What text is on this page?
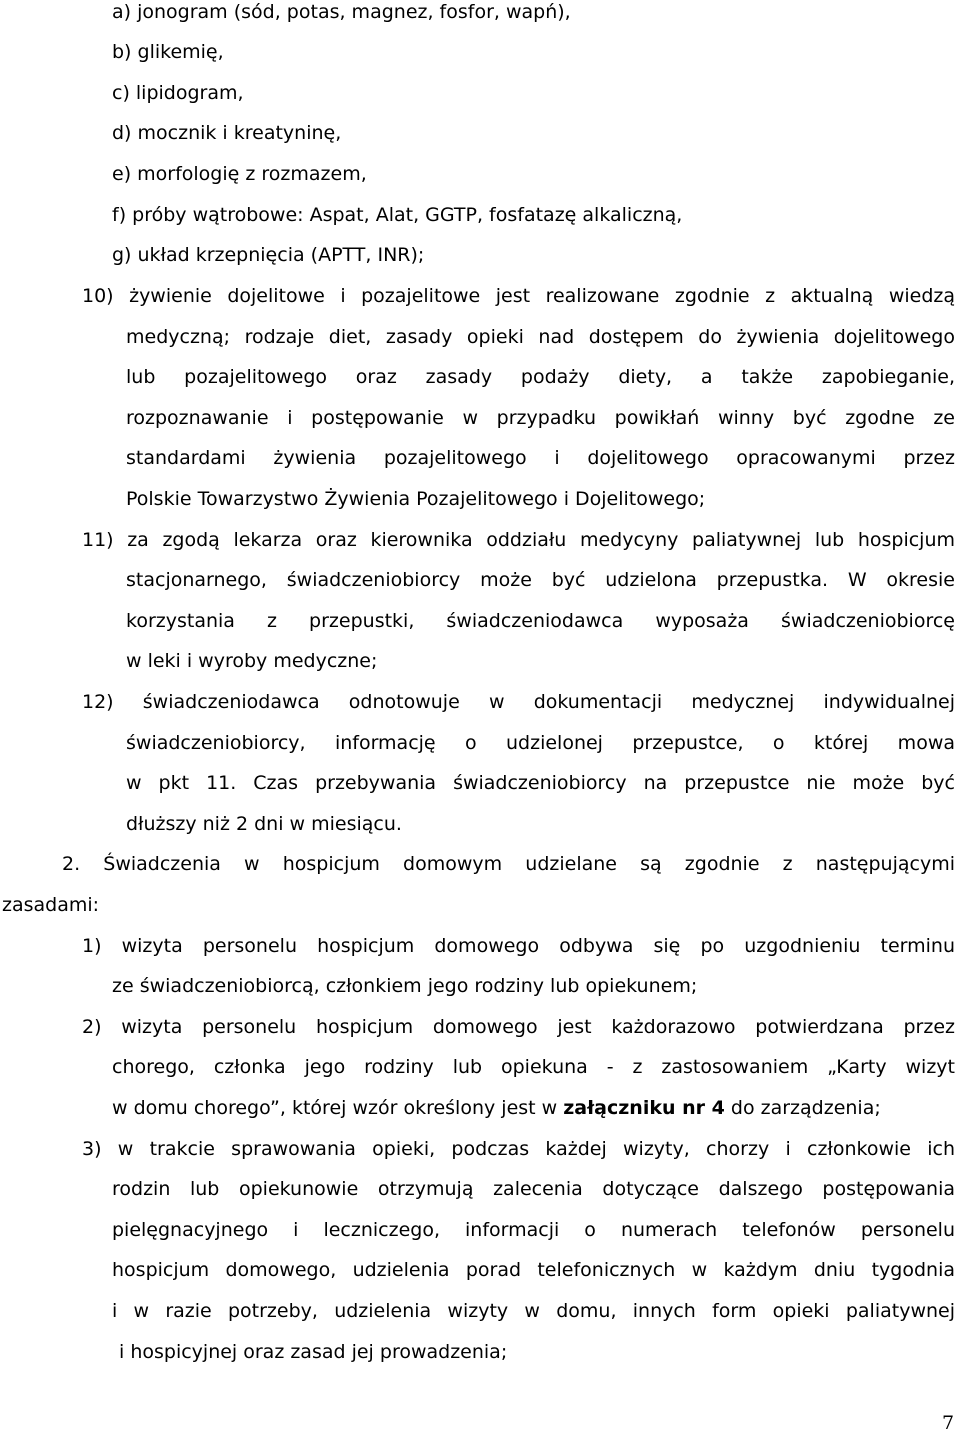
a) jonogram (sód, potas, magnez, fosfor, wapń),
b) glikemię,
c) lipidogram,
d) mocznik i kreatyninę,
e) morfologię z rozmazem,
f) próby wątrobowe: Aspat, Alat, GGTP, fosfatazę alkaliczną,
g) układ krzepnięcia (APTT, INR);
10) żywienie dojelitowe i pozajelitowe jest realizowane zgodnie z aktualną wiedzą
medyczną; rodzaje diet, zasady opieki nad dostępem do żywienia dojelitowego
lub pozajelitowego oraz zasady podaży diety, a także zapobieganie,
rozpoznawanie i postępowanie w przypadku powikłań winny być zgodne ze
standardami żywienia pozajelitowego i dojelitowego opracowanymi przez
Polskie Towarzystwo Żywienia Pozajelitowego i Dojelitowego;
11) za zgodą lekarza oraz kierownika oddziału medycyny paliatywnej lub hospicjum
stacjonarnego, świadczeniobiorcy może być udzielona przepustka. W okresie
korzystania z przepustki, świadczeniodawca wyposaża świadczeniobiorcę
w leki i wyroby medyczne;
12) świadczeniodawca odnotowuje w dokumentacji medycznej indywidualnej
świadczeniobiorcy, informację o udzielonej przepustce, o której mowa
w pkt 11. Czas przebywania świadczeniobiorcy na przepustce nie może być
dłuższy niż 2 dni w miesiącu.
2. Świadczenia w hospicjum domowym udzielane są zgodnie z następującymi
zasadami:
1) wizyta personelu hospicjum domowego odbywa się po uzgodnieniu terminu
ze świadczeniobiorcą, członkiem jego rodziny lub opiekunem;
2) wizyta personelu hospicjum domowego jest każdorazowo potwierdzana przez
chorego, członka jego rodziny lub opiekuna - z zastosowaniem „Karty wizyt
w domu chorego”, której wzór określony jest w załączniku nr 4 do zarządzenia;
3) w trakcie sprawowania opieki, podczas każdej wizyty, chorzy i członkowie ich
rodzin lub opiekunowie otrzymują zalecenia dotyczące dalszego postępowania
pielęgnacyjnego i leczniczego, informacji o numerach telefonów personelu
hospicjum domowego, udzielenia porad telefonicznych w każdym dniu tygodnia
i w razie potrzeby, udzielenia wizyty w domu, innych form opieki paliatywnej
i hospicyjnej oraz zasad jej prowadzenia;
7
